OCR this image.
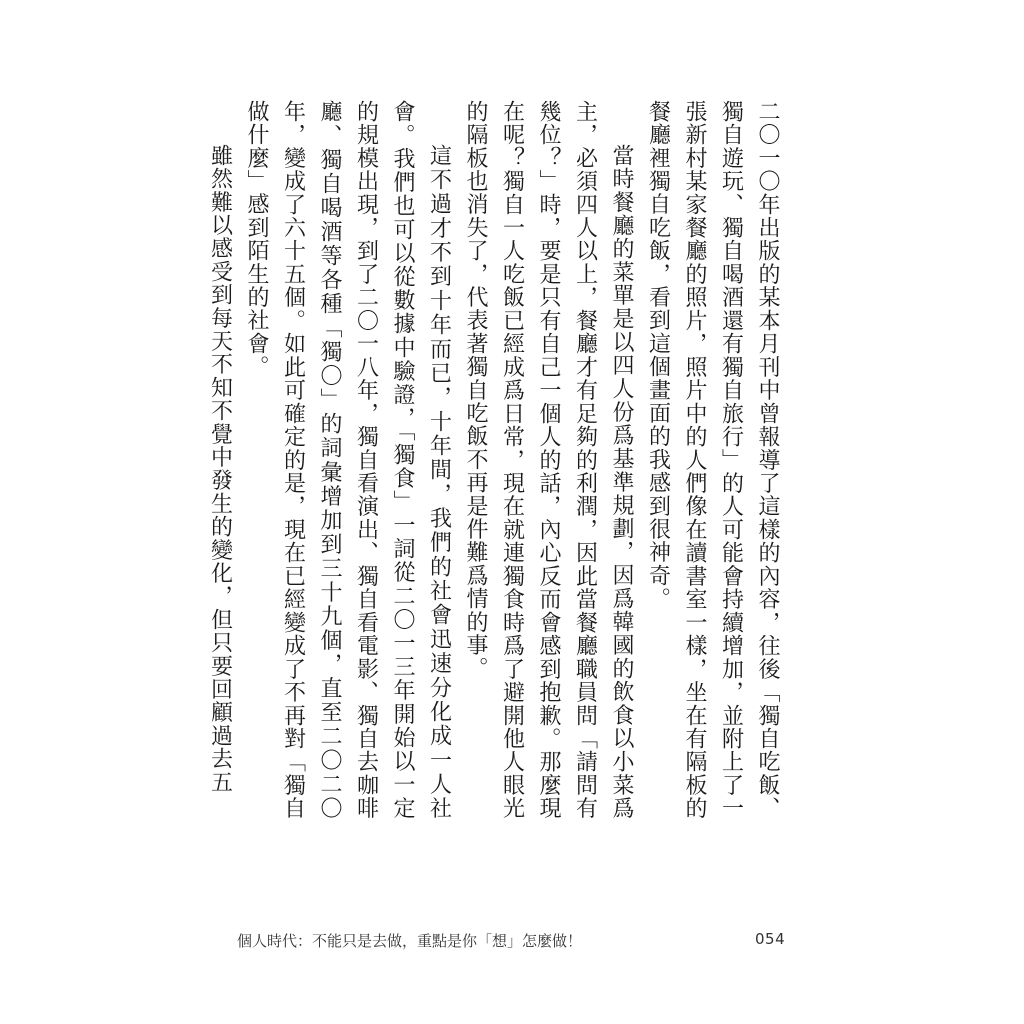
二〇一〇年出版的某本月刊中曾報導了這樣的內容，往後「獨自吃飯、獨自遊玩、獨自喝酒還有獨自旅行」的人可能會持續增加，並附上了一張新村某家餐廳的照片，照片中的人們像在讀書室一樣，坐在有隔板的餐廳裡獨自吃飯，看到這個畫面的我感到很神奇。

當時餐廳的菜單是以四人份爲基準規劃，因爲韓國的飲食以小菜爲主，必須四人以上，餐廳才有足夠的利潤，因此當餐廳職員問「請問有幾位？」時，要是只有自己一個人的話，內心反而會感到抱歉。那麼現在呢？獨自一人吃飯已經成爲日常，現在就連獨食時爲了避開他人眼光的隔板也消失了，代表著獨自吃飯不再是件難爲情的事。

這不過才不到十年而已，十年間，我們的社會迅速分化成一人社會。我們也可以從數據中驗證，「獨食」一詞從二〇一三年開始以一定的規模出現，到了二〇一八年，獨自看演出、獨自看電影、獨自去咖啡廳、獨自喝酒等各種「獨〇」的詞彙增加到三十九個，直至二〇二〇年，變成了六十五個。如此可確定的是，現在已經變成了不再對「獨自做什麼」感到陌生的社會。

雖然難以感受到每天不知不覺中發生的變化，但只要回顧過去五

個人時代：不能只是去做，重點是你「想」怎麼做！	054
